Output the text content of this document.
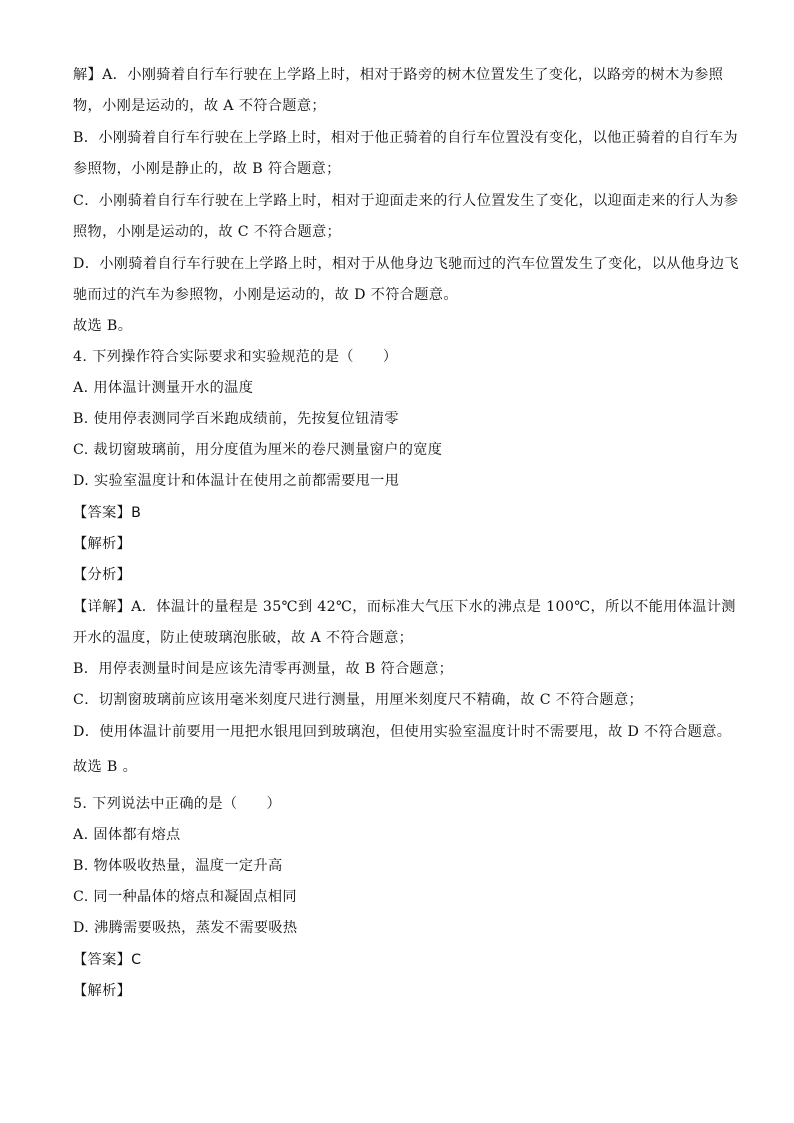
解】A．小刚骑着自行车行驶在上学路上时，相对于路旁的树木位置发生了变化，以路旁的树木为参照
物，小刚是运动的，故 A 不符合题意；
B．小刚骑着自行车行驶在上学路上时，相对于他正骑着的自行车位置没有变化，以他正骑着的自行车为
参照物，小刚是静止的，故 B 符合题意；
C．小刚骑着自行车行驶在上学路上时，相对于迎面走来的行人位置发生了变化，以迎面走来的行人为参
照物，小刚是运动的，故 C 不符合题意；
D．小刚骑着自行车行驶在上学路上时，相对于从他身边飞驰而过的汽车位置发生了变化，以从他身边飞
驰而过的汽车为参照物，小刚是运动的，故 D 不符合题意。
故选 B。
4. 下列操作符合实际要求和实验规范的是（　　）
A. 用体温计测量开水的温度
B. 使用停表测同学百米跑成绩前，先按复位钮清零
C. 裁切窗玻璃前，用分度值为厘米的卷尺测量窗户的宽度
D. 实验室温度计和体温计在使用之前都需要甩一甩
【答案】B
【解析】
【分析】
【详解】A．体温计的量程是 35℃到 42℃，而标准大气压下水的沸点是 100℃，所以不能用体温计测
开水的温度，防止使玻璃泡胀破，故 A 不符合题意；
B．用停表测量时间是应该先清零再测量，故 B 符合题意；
C．切割窗玻璃前应该用毫米刻度尺进行测量，用厘米刻度尺不精确，故 C 不符合题意；
D．使用体温计前要用一甩把水银甩回到玻璃泡，但使用实验室温度计时不需要甩，故 D 不符合题意。
故选 B 。
5. 下列说法中正确的是（　　）
A. 固体都有熔点
B. 物体吸收热量，温度一定升高
C. 同一种晶体的熔点和凝固点相同
D. 沸腾需要吸热，蒸发不需要吸热
【答案】C
【解析】
